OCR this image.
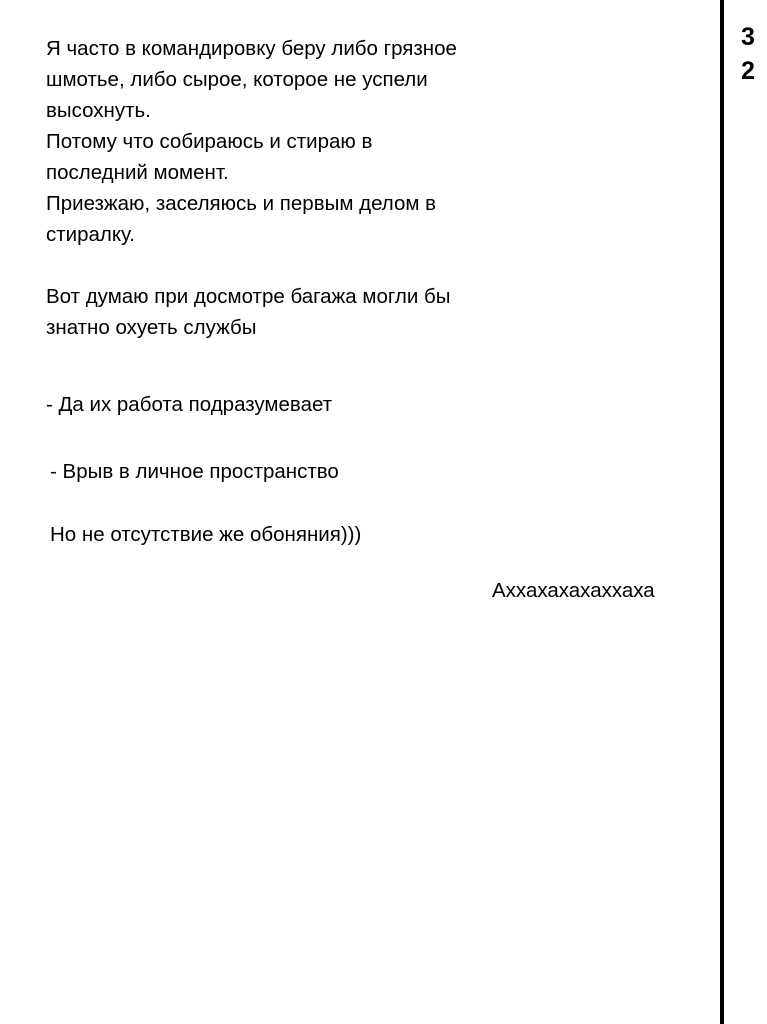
Я часто в командировку беру либо грязное
шмотье, либо сырое, которое не успели
высохнуть.
Потому что собираюсь и стираю в
последний момент.
Приезжаю, заселяюсь и первым делом в
стиралку.
Вот думаю при досмотре багажа могли бы
знатно охуеть службы
- Да их работа подразумевает
- Врыв в личное пространство
Но не отсутствие же обоняния)))
Аххахахахаххаха
3
2
